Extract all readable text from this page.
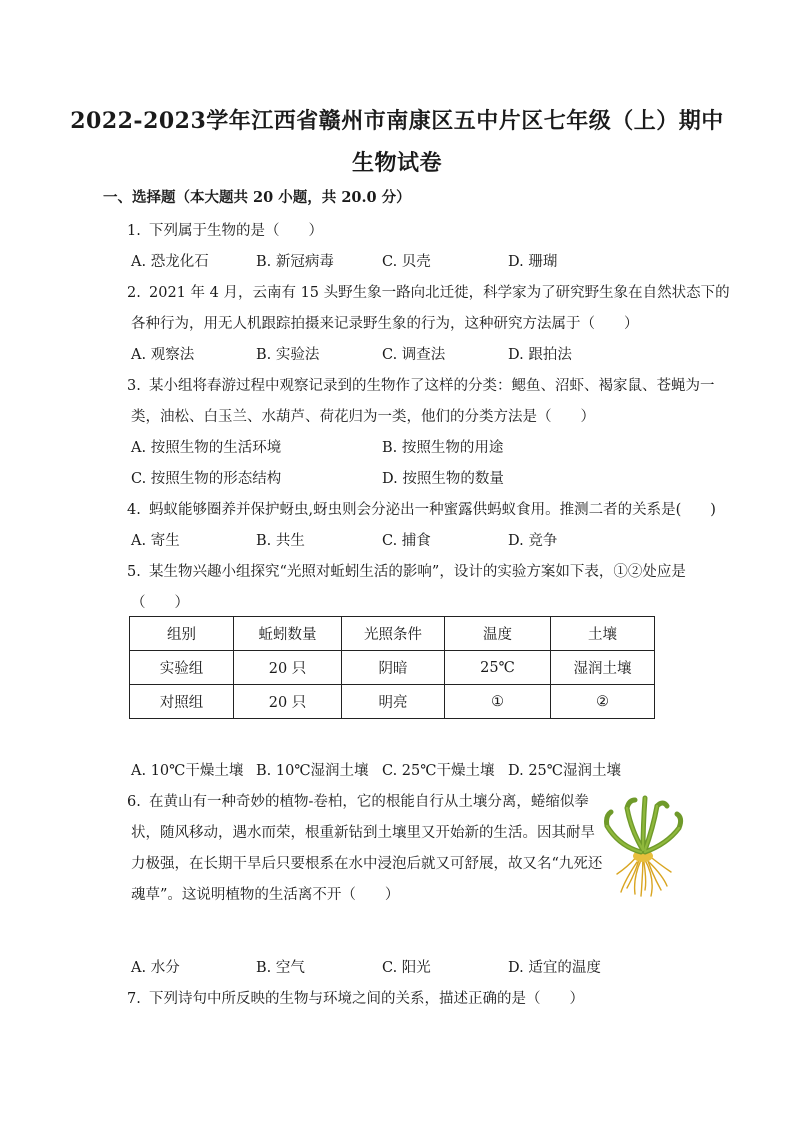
2022-2023学年江西省赣州市南康区五中片区七年级（上）期中
生物试卷
一、选择题（本大题共 20 小题，共 20.0 分）
1. 下列属于生物的是（　　）
A. 恐龙化石	B. 新冠病毒	C. 贝壳	D. 珊瑚
2. 2021 年 4 月，云南有 15 头野生象一路向北迁徙，科学家为了研究野生象在自然状态下的
各种行为，用无人机跟踪拍摄来记录野生象的行为，这种研究方法属于（　　）
A. 观察法	B. 实验法	C. 调查法	D. 跟拍法
3. 某小组将春游过程中观察记录到的生物作了这样的分类：鳃鱼、沼虾、褐家鼠、苍蝇为一
类，油松、白玉兰、水葫芦、荷花归为一类，他们的分类方法是（　　）
A. 按照生物的生活环境	B. 按照生物的用途
C. 按照生物的形态结构	D. 按照生物的数量
4. 蚂蚁能够圈养并保护蚜虫,蚜虫则会分泌出一种蜜露供蚂蚁食用。推测二者的关系是(　　)
A. 寄生	B. 共生	C. 捕食	D. 竞争
5. 某生物兴趣小组探究“光照对蚯蚓生活的影响”，设计的实验方案如下表，①②处应是
（　　）
组别	蚯蚓数量	光照条件	温度	土壤
实验组	20 只	阴暗	25℃	湿润土壤
对照组	20 只	明亮	①	②
A. 10℃干燥土壤 B. 10℃湿润土壤 C. 25℃干燥土壤 D. 25℃湿润土壤
6. 在黄山有一种奇妙的植物-卷柏，它的根能自行从土壤分离，蜷缩似拳
状，随风移动，遇水而荣，根重新钻到土壤里又开始新的生活。因其耐旱
力极强，在长期干旱后只要根系在水中浸泡后就又可舒展，故又名“九死还
魂草”。这说明植物的生活离不开（　　）
A. 水分	B. 空气	C. 阳光	D. 适宜的温度
7. 下列诗句中所反映的生物与环境之间的关系，描述正确的是（　　）
